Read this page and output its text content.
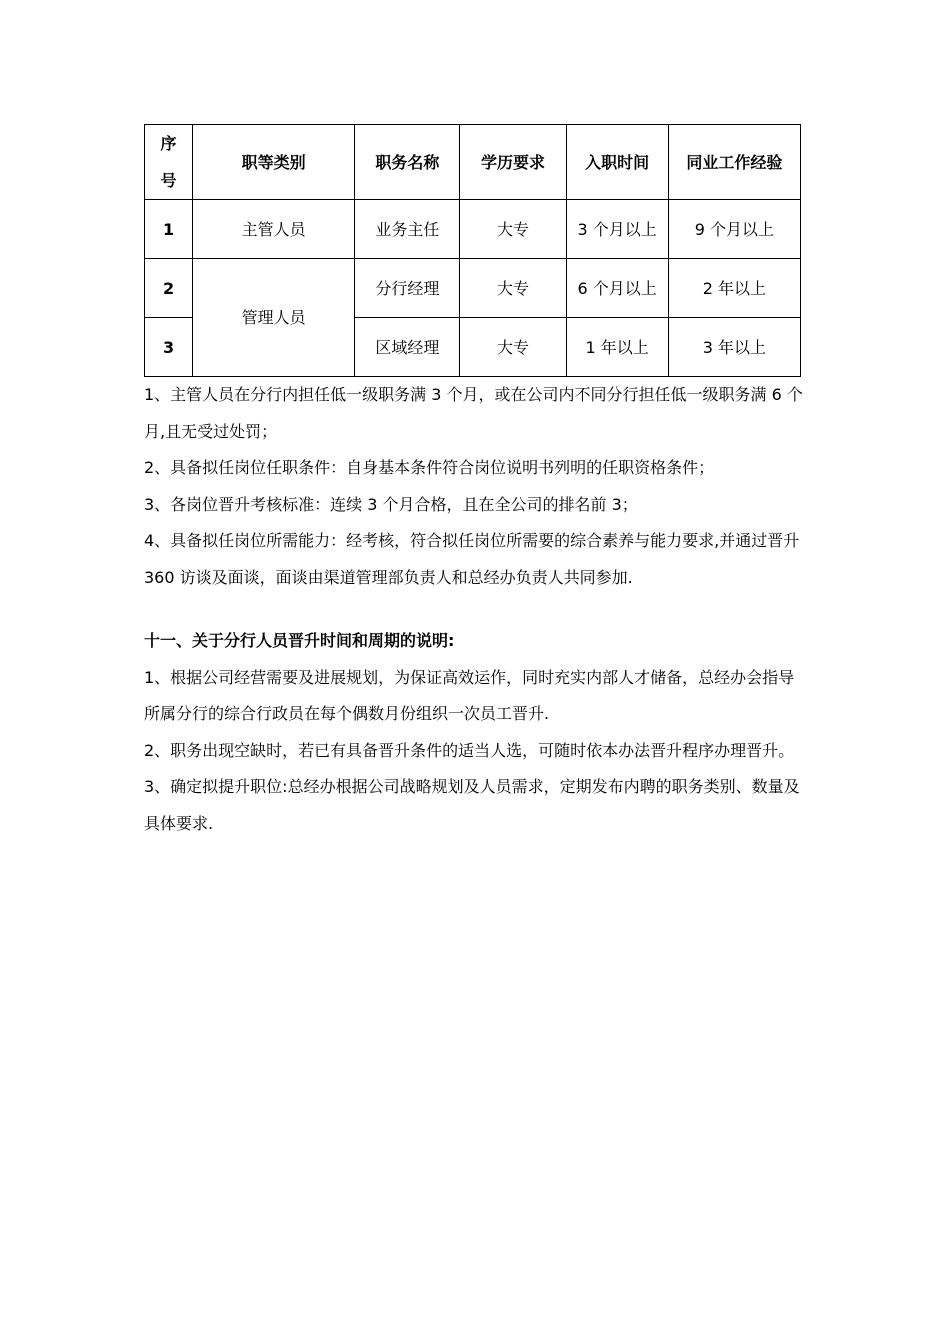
序
号	职等类别	职务名称	学历要求	入职时间	同业工作经验
1	主管人员	业务主任	大专	3 个月以上	9 个月以上
2	管理人员	分行经理	大专	6 个月以上	2 年以上
3		区域经理	大专	1 年以上	3 年以上

1、主管人员在分行内担任低一级职务满 3 个月，或在公司内不同分行担任低一级职务满 6 个月,且无受过处罚；

2、具备拟任岗位任职条件：自身基本条件符合岗位说明书列明的任职资格条件；

3、各岗位晋升考核标准：连续 3 个月合格，且在全公司的排名前 3；

4、具备拟任岗位所需能力：经考核，符合拟任岗位所需要的综合素养与能力要求,并通过晋升 360 访谈及面谈，面谈由渠道管理部负责人和总经办负责人共同参加.

十一、关于分行人员晋升时间和周期的说明:

1、根据公司经营需要及进展规划，为保证高效运作，同时充实内部人才储备，总经办会指导所属分行的综合行政员在每个偶数月份组织一次员工晋升.

2、职务出现空缺时，若已有具备晋升条件的适当人选，可随时依本办法晋升程序办理晋升。

3、确定拟提升职位:总经办根据公司战略规划及人员需求，定期发布内聘的职务类别、数量及具体要求.
